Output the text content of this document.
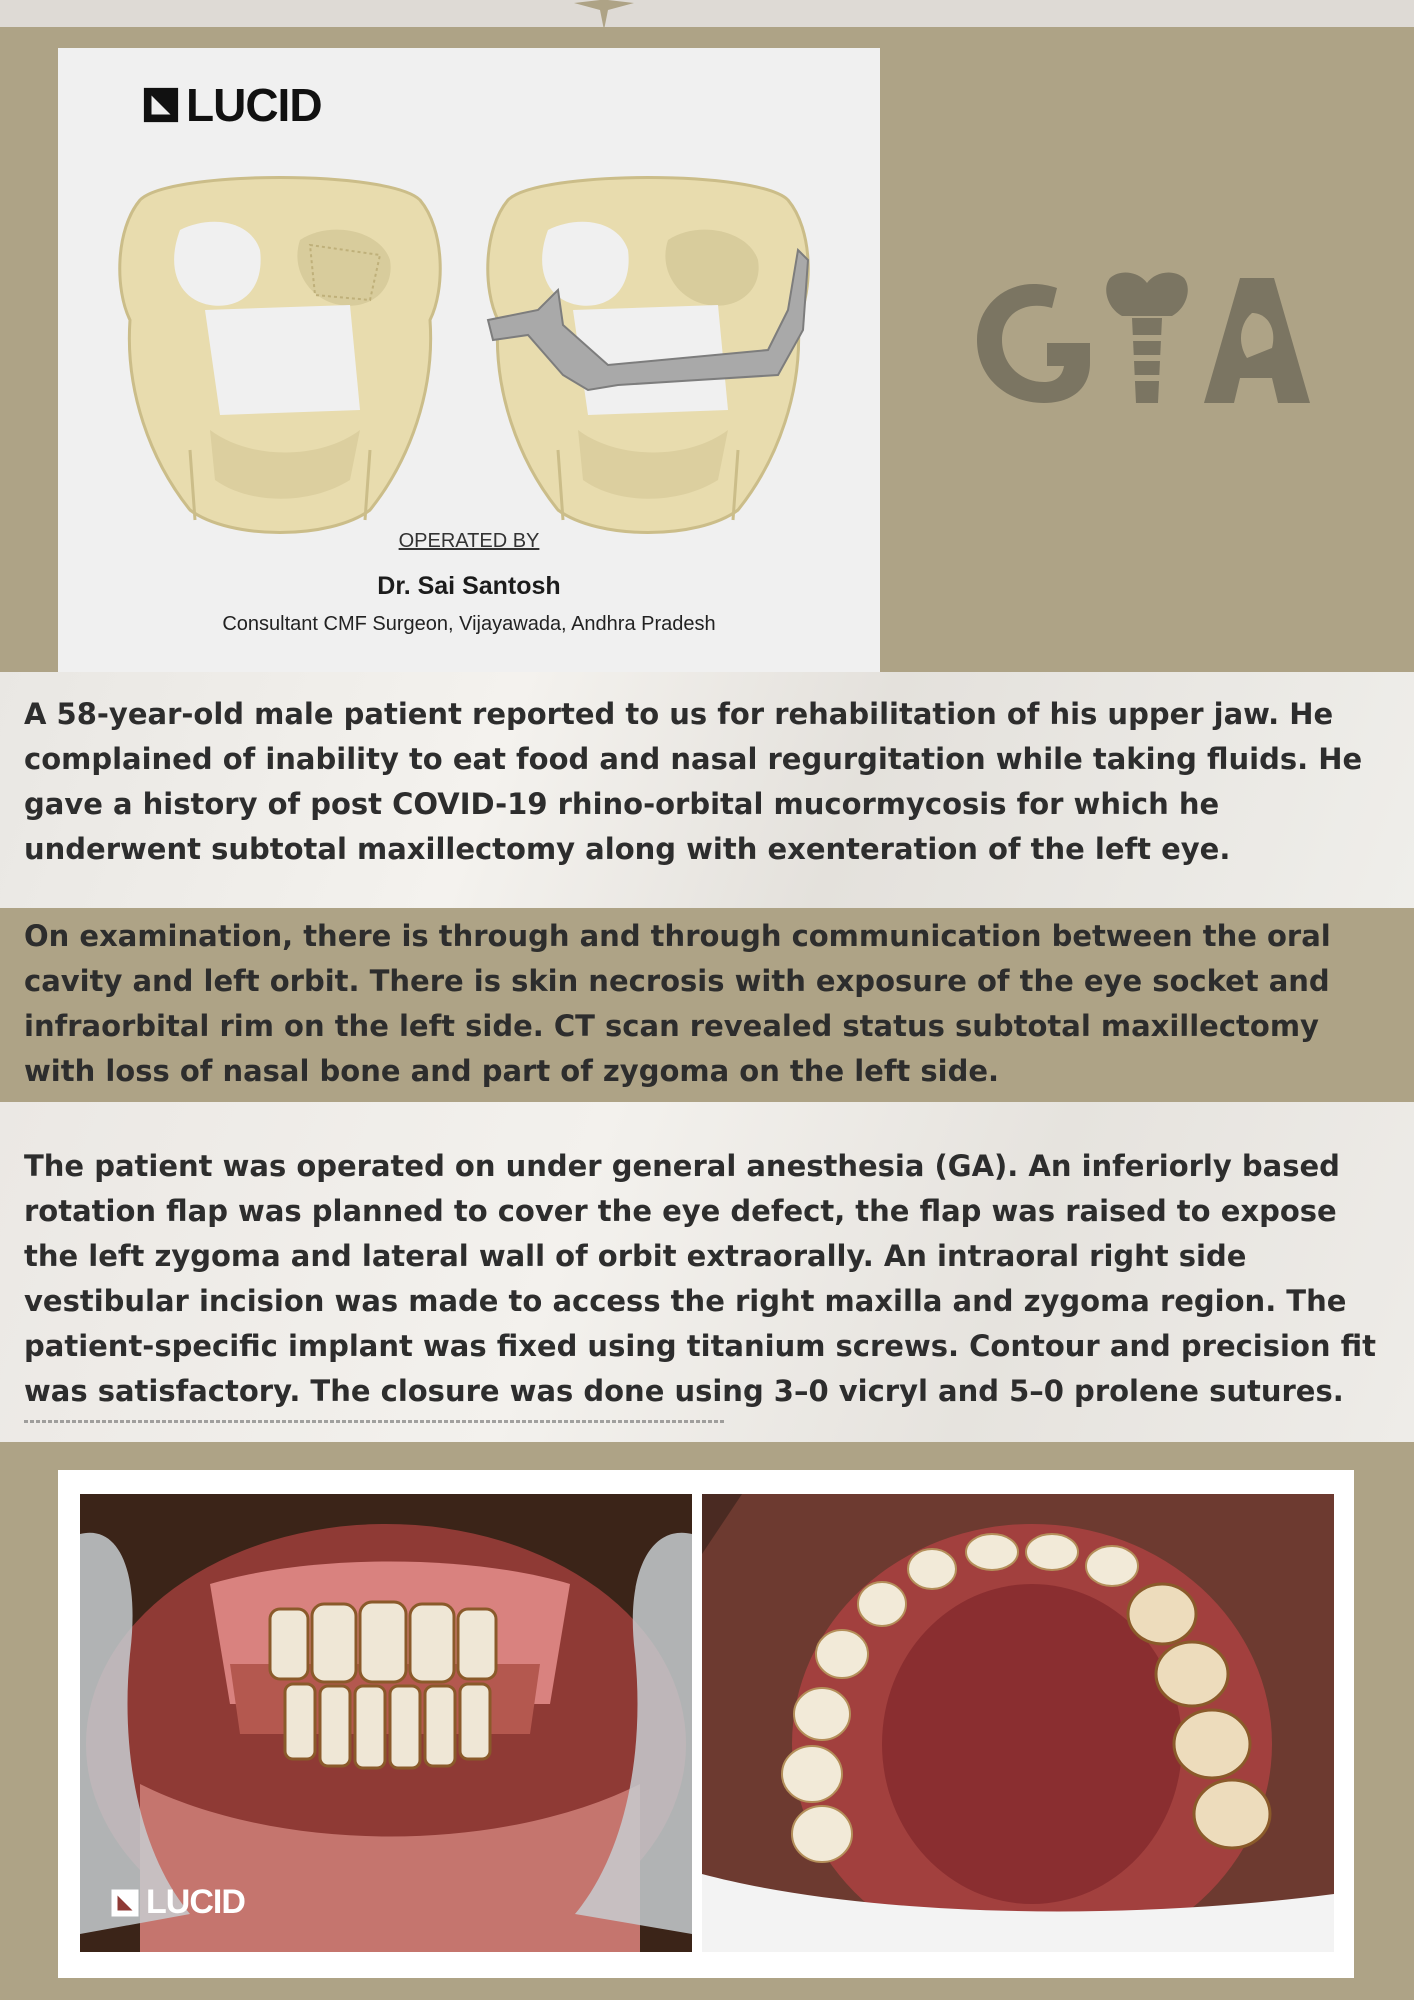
LUCID
OPERATED BY
Dr. Sai Santosh
Consultant CMF Surgeon, Vijayawada, Andhra Pradesh

A 58-year-old male patient reported to us for rehabilitation of his upper jaw. He complained of inability to eat food and nasal regurgitation while taking fluids. He gave a history of post COVID-19 rhino-orbital mucormycosis for which he underwent subtotal maxillectomy along with exenteration of the left eye.

On examination, there is through and through communication between the oral cavity and left orbit. There is skin necrosis with exposure of the eye socket and infraorbital rim on the left side. CT scan revealed status subtotal maxillectomy with loss of nasal bone and part of zygoma on the left side.

The patient was operated on under general anesthesia (GA). An inferiorly based rotation flap was planned to cover the eye defect, the flap was raised to expose the left zygoma and lateral wall of orbit extraorally. An intraoral right side vestibular incision was made to access the right maxilla and zygoma region. The patient-specific implant was fixed using titanium screws. Contour and precision fit was satisfactory. The closure was done using 3–0 vicryl and 5–0 prolene sutures.

LUCID
